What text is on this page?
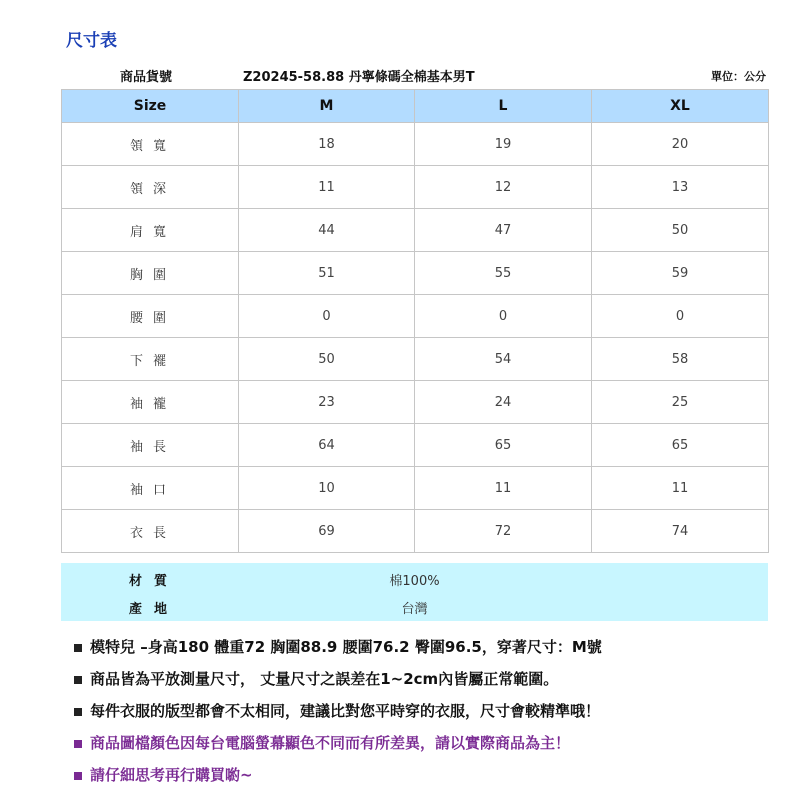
尺寸表
商品貨號	Z20245-58.88 丹寧條碼全棉基本男T	單位：公分
Size	M	L	XL
領寬	18	19	20
領深	11	12	13
肩寬	44	47	50
胸圍	51	55	59
腰圍	0	0	0
下襬	50	54	58
袖襱	23	24	25
袖長	64	65	65
袖口	10	11	11
衣長	69	72	74
材質	棉100%
產地	台灣
模特兒 –身高180 體重72 胸圍88.9 腰圍76.2 臀圍96.5，穿著尺寸：M號
商品皆為平放測量尺寸， 丈量尺寸之誤差在1~2cm內皆屬正常範圍。
每件衣服的版型都會不太相同，建議比對您平時穿的衣服，尺寸會較精準哦！
商品圖檔顏色因每台電腦螢幕顯色不同而有所差異，請以實際商品為主！
請仔細思考再行購買喲~
